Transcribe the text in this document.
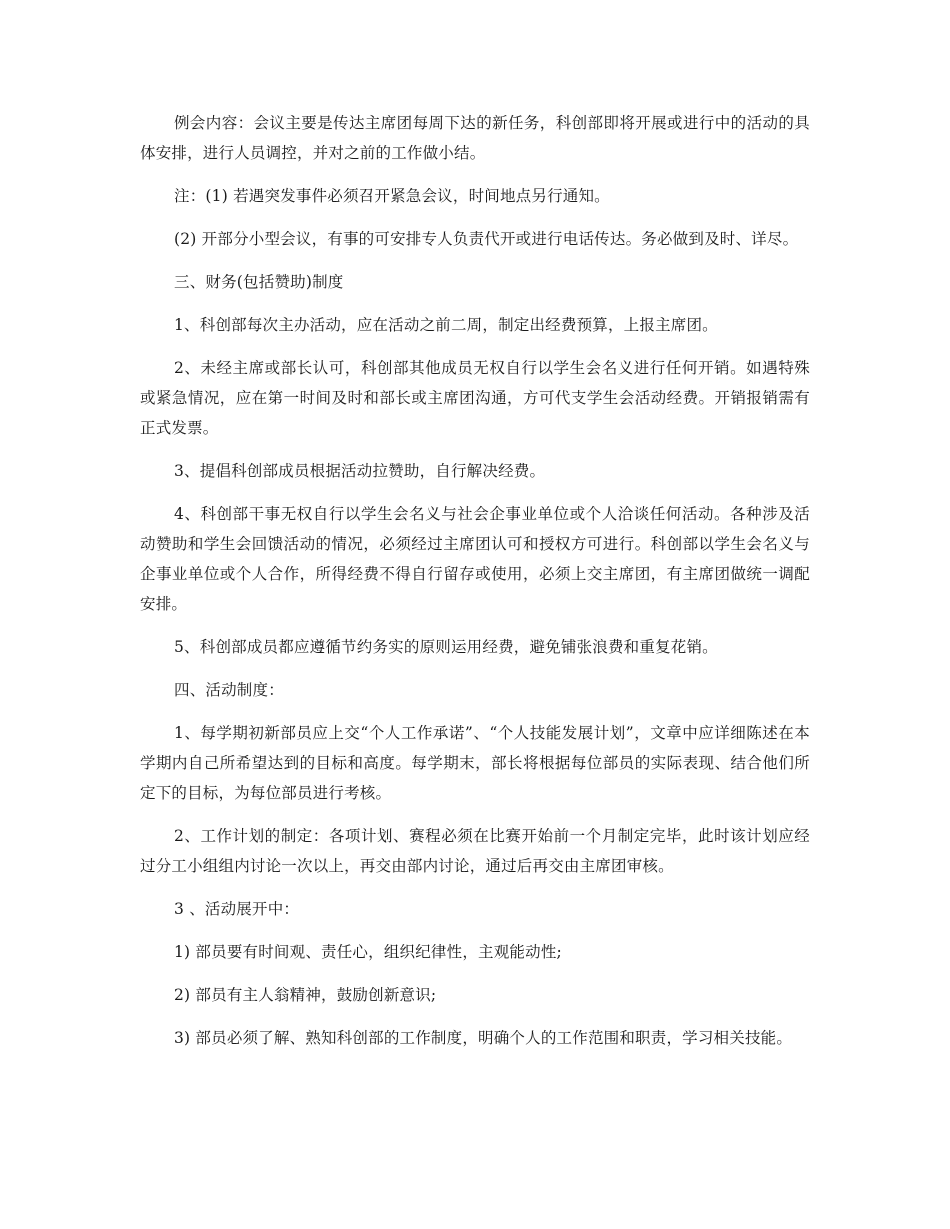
例会内容：会议主要是传达主席团每周下达的新任务，科创部即将开展或进行中的活动的具体安排，进行人员调控，并对之前的工作做小结。

注：(1) 若遇突发事件必须召开紧急会议，时间地点另行通知。

(2) 开部分小型会议，有事的可安排专人负责代开或进行电话传达。务必做到及时、详尽。

三、财务(包括赞助)制度

1、科创部每次主办活动，应在活动之前二周，制定出经费预算，上报主席团。

2、未经主席或部长认可，科创部其他成员无权自行以学生会名义进行任何开销。如遇特殊或紧急情况，应在第一时间及时和部长或主席团沟通，方可代支学生会活动经费。开销报销需有正式发票。

3、提倡科创部成员根据活动拉赞助，自行解决经费。

4、科创部干事无权自行以学生会名义与社会企事业单位或个人洽谈任何活动。各种涉及活动赞助和学生会回馈活动的情况，必须经过主席团认可和授权方可进行。科创部以学生会名义与企事业单位或个人合作，所得经费不得自行留存或使用，必须上交主席团，有主席团做统一调配安排。

5、科创部成员都应遵循节约务实的原则运用经费，避免铺张浪费和重复花销。

四、活动制度：

1、每学期初新部员应上交“个人工作承诺”、“个人技能发展计划”，文章中应详细陈述在本学期内自己所希望达到的目标和高度。每学期末，部长将根据每位部员的实际表现、结合他们所定下的目标，为每位部员进行考核。

2、工作计划的制定：各项计划、赛程必须在比赛开始前一个月制定完毕，此时该计划应经过分工小组组内讨论一次以上，再交由部内讨论，通过后再交由主席团审核。

3 、活动展开中：

1) 部员要有时间观、责任心，组织纪律性，主观能动性;

2) 部员有主人翁精神，鼓励创新意识;

3) 部员必须了解、熟知科创部的工作制度，明确个人的工作范围和职责，学习相关技能。
